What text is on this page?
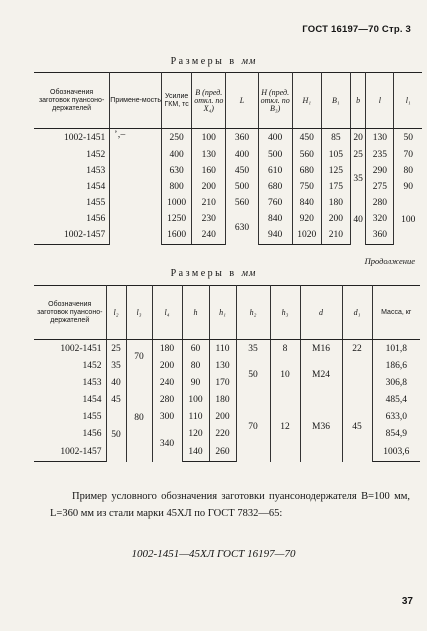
ГОСТ 16197—70 Стр. 3
Размеры в мм
Обозначения заготовок пуансоно-держателей	Примене-мость	Усилие ГКМ, тс	B (пред. откл. по X₄)	L	H (пред. откл. по B₃)	H₁	B₁	b	l	l₁
1002-1451	’‚–	250	100	360	400	450	85	20	130	50
1452		400	130	400	500	560	105	25	235	70
1453		630	160	450	610	680	125	35	290	80
1454		800	200	500	680	750	175		275	90
1455		1000	210	560	760	840	180	40	280	100
1456		1250	230	630	840	920	200		320	
1002-1457		1600	240		940	1020	210		360	
Продолжение
Размеры в мм
Обозначения заготовок пуансоно-держателей	l₂	l₃	l₄	h	h₁	h₂	h₃	d	d₁	Масса, кг
1002-1451	25	70	180	60	110	35	8	M16	22	101,8
1452	35		200	80	130	50	10	M24		186,6
1453	40	80	240	90	170					306,8
1454	45		280	100	180	70	12	M36	45	485,4
1455	50		300	110	200					633,0
1456			340	120	220					854,9
1002-1457				140	260					1003,6

Пример условного обозначения заготовки пуансонодержателя B=100 мм, L=360 мм из стали марки 45ХЛ по ГОСТ 7832—65:

1002-1451—45ХЛ ГОСТ 16197—70
37
